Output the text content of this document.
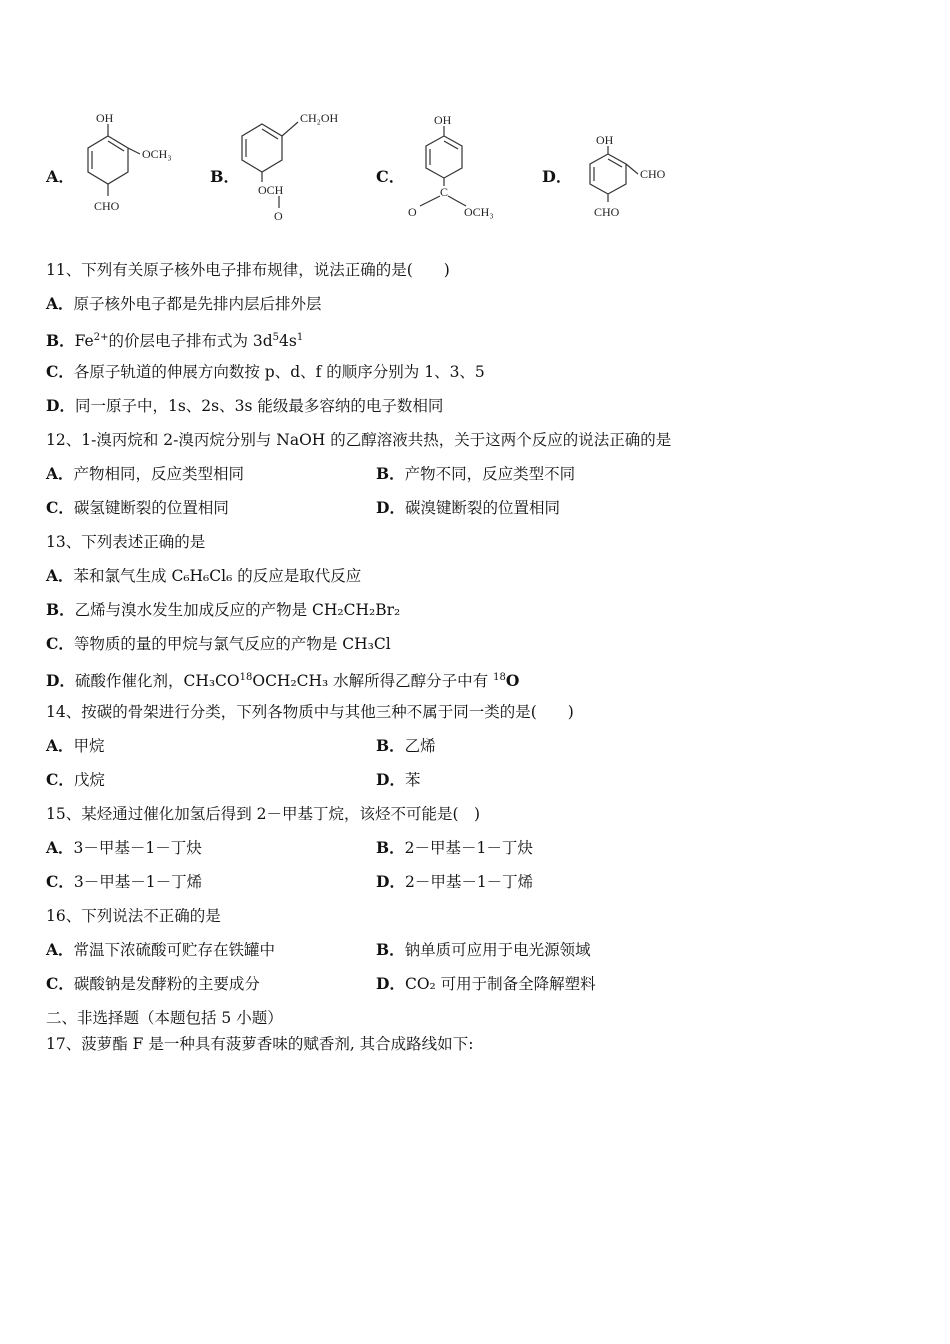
A．
OH
OCH₃
CHO
B．
CH₂OH
OCH
O
C．
OH
C
O	OCH₃
D．
OH
CHO
CHO
11、下列有关原子核外电子排布规律，说法正确的是(　　)
A．原子核外电子都是先排内层后排外层
B．$Fe^{2+}$的价层电子排布式为 $3d^54s^1$
C．各原子轨道的伸展方向数按 p、d、f 的顺序分别为 1、3、5
D．同一原子中，1s、2s、3s 能级最多容纳的电子数相同
12、1-溴丙烷和 2-溴丙烷分别与 NaOH 的乙醇溶液共热，关于这两个反应的说法正确的是
A．产物相同，反应类型相同	B．产物不同，反应类型不同
C．碳氢键断裂的位置相同	D．碳溴键断裂的位置相同
13、下列表述正确的是
A．苯和氯气生成 C₆H₆Cl₆ 的反应是取代反应
B．乙烯与溴水发生加成反应的产物是 CH₂CH₂Br₂
C．等物质的量的甲烷与氯气反应的产物是 CH₃Cl
D．硫酸作催化剂，CH₃CO$^{18}$OCH₂CH₃ 水解所得乙醇分子中有 $^{18}$O
14、按碳的骨架进行分类，下列各物质中与其他三种不属于同一类的是(　　)
A．甲烷	B．乙烯
C．戊烷	D．苯
15、某烃通过催化加氢后得到 2－甲基丁烷，该烃不可能是(　)
A．3－甲基－1－丁炔	B．2－甲基－1－丁炔
C．3－甲基－1－丁烯	D．2－甲基－1－丁烯
16、下列说法不正确的是
A．常温下浓硫酸可贮存在铁罐中	B．钠单质可应用于电光源领域
C．碳酸钠是发酵粉的主要成分	D．CO₂ 可用于制备全降解塑料
二、非选择题（本题包括 5 小题）
17、菠萝酯 F 是一种具有菠萝香味的赋香剂, 其合成路线如下:
